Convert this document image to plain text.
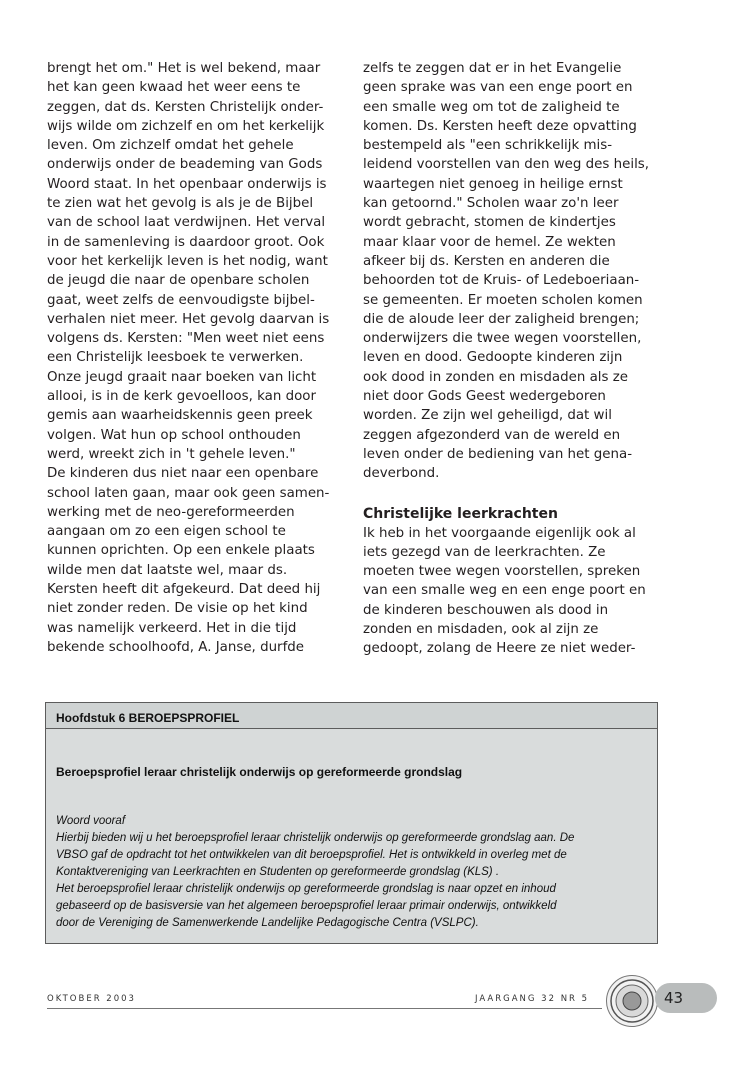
brengt het om." Het is wel bekend, maar

het kan geen kwaad het weer eens te

zeggen, dat ds. Kersten Christelijk onder-

wijs wilde om zichzelf en om het kerkelijk

leven. Om zichzelf omdat het gehele

onderwijs onder de beademing van Gods

Woord staat. In het openbaar onderwijs is

te zien wat het gevolg is als je de Bijbel

van de school laat verdwijnen. Het verval

in de samenleving is daardoor groot. Ook

voor het kerkelijk leven is het nodig, want

de jeugd die naar de openbare scholen

gaat, weet zelfs de eenvoudigste bijbel-

verhalen niet meer. Het gevolg daarvan is

volgens ds. Kersten: "Men weet niet eens

een Christelijk leesboek te verwerken.

Onze jeugd graait naar boeken van licht

allooi, is in de kerk gevoelloos, kan door

gemis aan waarheidskennis geen preek

volgen. Wat hun op school onthouden

werd, wreekt zich in 't gehele leven."

De kinderen dus niet naar een openbare

school laten gaan, maar ook geen samen-

werking met de neo-gereformeerden

aangaan om zo een eigen school te

kunnen oprichten. Op een enkele plaats

wilde men dat laatste wel, maar ds.

Kersten heeft dit afgekeurd. Dat deed hij

niet zonder reden. De visie op het kind

was namelijk verkeerd. Het in die tijd

bekende schoolhoofd, A. Janse, durfde

zelfs te zeggen dat er in het Evangelie

geen sprake was van een enge poort en

een smalle weg om tot de zaligheid te

komen. Ds. Kersten heeft deze opvatting

bestempeld als "een schrikkelijk mis-

leidend voorstellen van den weg des heils,

waartegen niet genoeg in heilige ernst

kan getoornd." Scholen waar zo'n leer

wordt gebracht, stomen de kindertjes

maar klaar voor de hemel. Ze wekten

afkeer bij ds. Kersten en anderen die

behoorden tot de Kruis- of Ledeboeriaan-

se gemeenten. Er moeten scholen komen

die de aloude leer der zaligheid brengen;

onderwijzers die twee wegen voorstellen,

leven en dood. Gedoopte kinderen zijn

ook dood in zonden en misdaden als ze

niet door Gods Geest wedergeboren

worden. Ze zijn wel geheiligd, dat wil

zeggen afgezonderd van de wereld en

leven onder de bediening van het gena-

deverbond.

Christelijke leerkrachten

Ik heb in het voorgaande eigenlijk ook al

iets gezegd van de leerkrachten. Ze

moeten twee wegen voorstellen, spreken

van een smalle weg en een enge poort en

de kinderen beschouwen als dood in

zonden en misdaden, ook al zijn ze

gedoopt, zolang de Heere ze niet weder-

Hoofdstuk 6 BEROEPSPROFIEL
Beroepsprofiel leraar christelijk onderwijs op gereformeerde grondslag

Woord vooraf

Hierbij bieden wij u het beroepsprofiel leraar christelijk onderwijs op gereformeerde grondslag aan. De

VBSO gaf de opdracht tot het ontwikkelen van dit beroepsprofiel. Het is ontwikkeld in overleg met de

Kontaktvereniging van Leerkrachten en Studenten op gereformeerde grondslag (KLS) .

Het beroepsprofiel leraar christelijk onderwijs op gereformeerde grondslag is naar opzet en inhoud

gebaseerd op de basisversie van het algemeen beroepsprofiel leraar primair onderwijs, ontwikkeld

door de Vereniging de Samenwerkende Landelijke Pedagogische Centra (VSLPC).

OKTOBER 2003	JAARGANG 32 NR 5	43
